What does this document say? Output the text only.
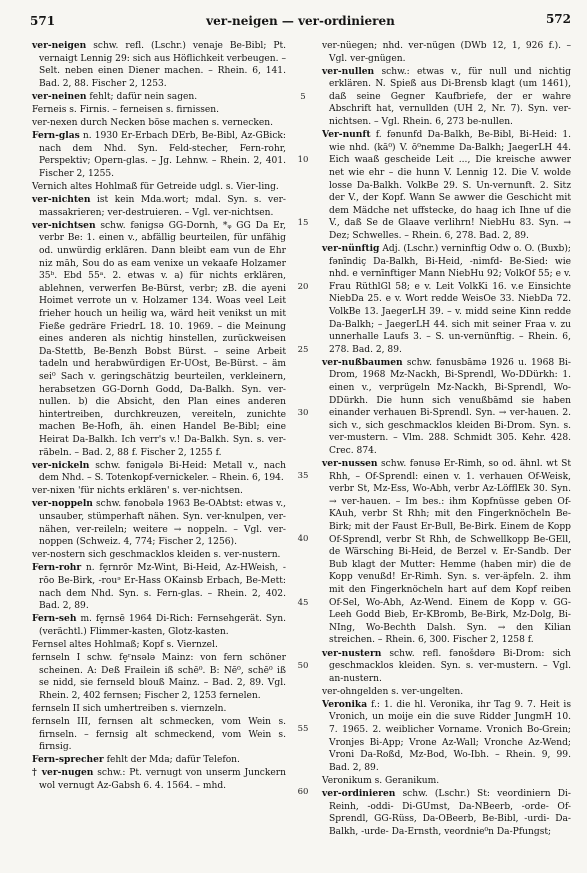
571	ver-neigen — ver-ordinieren	572

ver-neigen schw. refl. (Lschr.) venaje Be-Bibl; Pt. vernaigt Lennig 29: sich aus Höflichkeit verbeugen. – Selt. neben einen Diener machen. – Rhein. 6, 141. Bad. 2, 88. Fischer 2, 1253.

ver-neinen fehlt; dafür nein sagen.

Ferneis s. Firnis. – ferneisen s. firnissen.

ver-nexen durch Necken böse machen s. vernecken.

Fern-glas n. 1930 Er-Erbach DErb, Be-Bibl, Az-GBick: nach dem Nhd. Syn. Feld-stecher, Fern-rohr, Perspektiv; Opern-glas. – Jg. Lehnw. – Rhein. 2, 401. Fischer 2, 1255.

Vernich altes Hohlmaß für Getreide udgl. s. Vier-ling.

ver-nichten ist kein Mda.wort; mdal. Syn. s. ver-massakrieren; ver-destruieren. – Vgl. ver-nichtsen.

ver-nichtsen schw. fənigsə GG-Dornh, *ᵩ GG Da Er, verbr Be: 1. einen v., abfällig beurteilen, für unfähig od. unwürdig erklären. Dann bleibt eam vun de Ehr niz māh, Sou do as eam venixe un vekaafe Holzamer 35ᵇ. Ebd 55ᵃ. 2. etwas v. a) für nichts erklären, ablehnen, verwerfen Be-Bürst, verbr; zB. die ayeni Hoimet verrote un v. Holzamer 134. Woas veel Leit frieher houch un heilig wa, wärd heit venikst un mit Fieße gedräre FriedrL 18. 10. 1969. – die Meinung eines anderen als nichtig hinstellen, zurückweisen Da-Stettb, Be-Benzh Bobst Bürst. – seine Arbeit tadeln und herabwürdigen Er-UOst, Be-Bürst. – äm sei⁰ Sach v. geringschätzig beurteilen, verkleinern, herabsetzen GG-Dornh Godd, Da-Balkh. Syn. ver-nullen. b) die Absicht, den Plan eines anderen hintertreiben, durchkreuzen, vereiteln, zunichte machen Be-Hofh, äh. einen Handel Be-Bibl; eine Heirat Da-Balkh. Ich verr's v.! Da-Balkh. Syn. s. ver-räbeln. – Bad. 2, 88 f. Fischer 2, 1255 f.

ver-nickeln schw. fənigələ Bi-Heid: Metall v., nach dem Nhd. – S. Totenkopf-vernickeler. – Rhein. 6, 194.

ver-nixen 'für nichts erklären' s. ver-nichtsen.

ver-noppeln schw. fənobələ 1963 Be-OAbtst: etwas v., unsauber, stümperhaft nähen. Syn. ver-knulpen, ver-nähen, ver-reileln; weitere → noppeln. – Vgl. ver-noppen (Schweiz. 4, 774; Fischer 2, 1256).

ver-nostern sich geschmacklos kleiden s. ver-nustern.

Fern-rohr n. fe̞rnrōr Mz-Wint, Bi-Heid, Az-HWeish, -rōo Be-Birk, -rouᵊ Er-Hass OKainsb Erbach, Be-Mett: nach dem Nhd. Syn. s. Fern-glas. – Rhein. 2, 402. Bad. 2, 89.

Fern-seh m. fe̞rnsē 1964 Di-Rich: Fernsehgerät. Syn. (verächtl.) Flimmer-kasten, Glotz-kasten.

Fernsel altes Hohlmaß; Kopf s. Viernzel.

fernseln I schw. fe̞ʳnsələ Mainz: von fern schöner scheinen. A: Deß Frailein iß schē⁰. B: Nē⁰, schē⁰ iß se nidd, sie fernseld blouß Mainz. – Bad. 2, 89. Vgl. Rhein. 2, 402 fernsen; Fischer 2, 1253 fernelen.

fernseln II sich umhertreiben s. viernzeln.

fernseln III, fernsen alt schmecken, vom Wein s. firnseln. – fernsig alt schmeckend, vom Wein s. firnsig.

Fern-sprecher fehlt der Mda; dafür Telefon.

† ver-nugen schw.: Pt. vernugt von unserm Junckern wol vernugt Az-Gabsh 6. 4. 1564. – mhd.

5
10
15
20
25
30
35
40
45
50
55
60

ver-nüegen; nhd. ver-nügen (DWb 12, 1, 926 f.). – Vgl. ver-gnügen.

ver-nullen schw.: etwas v., für null und nichtig erklären. N. Spieß aus Di-Brensb klagt (um 1461), daß seine Gegner Kaufbriefe, der er wahre Abschrift hat, vernullden (UH 2, Nr. 7). Syn. ver-nichtsen. – Vgl. Rhein. 6, 273 be-nullen.

Ver-nunft f. fənunfd Da-Balkh, Be-Bibl, Bi-Heid: 1. wie nhd. (kā⁰) V. ō⁰nemme Da-Balkh; JaegerLH 44. Eich waaß gescheide Leit ..., Die kreische awwer net wie ehr – die hunn V. Lennig 12. Die V. wolde losse Da-Balkh. VolkBe 29. S. Un-vernunft. 2. Sitz der V., der Kopf. Wann Se awwer die Geschicht mit dem Mädche net uffstecke, do haag ich Ihne uf die V., daß Se de Glaave verlihrn! NiebHu 83. Syn. → Dez; Schwelles. – Rhein. 6, 278. Bad. 2, 89.

ver-nünftig Adj. (Lschr.) verninftig Odw o. O. (Buxb); fənīndiç Da-Balkh, Bi-Heid, -nimfd- Be-Sied: wie nhd. e vernīnftiger Mann NiebHu 92; VolkOf 55; e v. Frau RüthlGl 58; e v. Leit VolkKi 16. v.e Einsichte NiebDa 25. e v. Wort redde WeisOe 33. NiebDa 72. VolkBe 13. JaegerLH 39. – v. midd seine Kinn redde Da-Balkh; – JaegerLH 44. sich mit seiner Fraa v. zu unnerhalle Laufs 3. – S. un-vernünftig. – Rhein. 6, 278. Bad. 2, 89.

ver-nußbaumen schw. fənusbāmə 1926 u. 1968 Bi-Drom, 1968 Mz-Nackh, Bi-Sprendl, Wo-DDürkh: 1. einen v., verprügeln Mz-Nackh, Bi-Sprendl, Wo-DDürkh. Die hunn sich venußbāmd sie haben einander verhauen Bi-Sprendl. Syn. → ver-hauen. 2. sich v., sich geschmacklos kleiden Bi-Drom. Syn. s. ver-mustern. – Vlm. 288. Schmidt 305. Kehr. 428. Crec. 874.

ver-nussen schw. fənusə Er-Rimh, so od. ähnl. wt St Rhh, – Of-Sprendl: einen v. 1. verhauen Of-Weisk, verbr St, Mz-Ess, Wo-Abh, verbr Az-LöfflEk 30. Syn. → ver-hauen. – Im bes.: ihm Kopfnüsse geben Of-KAuh, verbr St Rhh; mit den Fingerknöcheln Be-Birk; mit der Faust Er-Bull, Be-Birk. Einem de Kopp Of-Sprendl, verbr St Rhh, de Schwellkopp Be-GEll, de Wärsching Bi-Heid, de Berzel v. Er-Sandb. Der Bub klagt der Mutter: Hemme (haben mir) die de Kopp venußd! Er-Rimh. Syn. s. ver-äpfeln. 2. ihm mit den Fingerknöcheln hart auf dem Kopf reiben Of-Sel, Wo-Abh, Az-Wend. Einem de Kopp v. GG-Leeh Godd Bieb, Er-KBromb, Be-Birk, Mz-Dolg, Bi-NIng, Wo-Bechth Dalsh. Syn. → den Kilian streichen. – Rhein. 6, 300. Fischer 2, 1258 f.

ver-nustern schw. refl. fənošdərə Bi-Drom: sich geschmacklos kleiden. Syn. s. ver-mustern. – Vgl. an-nustern.

ver-ohngelden s. ver-ungelten.

Veronika f.: 1. die hl. Veronika, ihr Tag 9. 7. Heit is Vronich, un moije ein die suve Ridder JungmH 10. 7. 1965. 2. weiblicher Vorname. Vronich Bo-Grein; Vronjes Bi-App; Vrone Az-Wall; Vronche Az-Wend; Vroni Da-Roßd, Mz-Bod, Wo-Ibh. – Rhein. 9, 99. Bad. 2, 89.

Veronikum s. Geranikum.

ver-ordinieren schw. (Lschr.) St: veordiniern Di-Reinh, -oddi- Di-GUmst, Da-NBeerb, -orde- Of-Sprendl, GG-Rüss, Da-OBeerb, Be-Bibl, -urdi- Da-Balkh, -urde- Da-Ernsth, veordnie⁰n Da-Pfungst;
